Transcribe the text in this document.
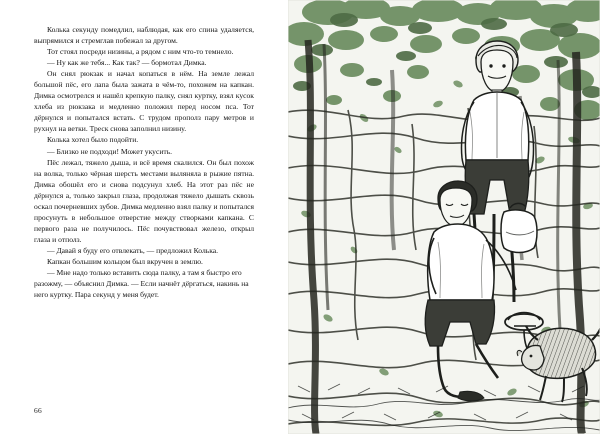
Колька секунду помедлил, наблюдая, как его спина удаляется, выпрямился и стремглав побежал за другом.

Тот стоял посреди низины, а рядом с ним что-то темнело.

— Ну как же тебя... Как так? — бормотал Димка.

Он снял рюкзак и начал копаться в нём. На земле лежал большой пёс, его лапа была зажата в чём-то, похожем на капкан. Димка осмотрелся и нашёл крепкую палку, снял куртку, взял кусок хлеба из рюкзака и медленно положил перед носом пса. Тот дёрнулся и попытался встать. С трудом прополз пару метров и рухнул на ветки. Треск снова заполнил низину.

Колька хотел было подойти.

— Близко не подходи! Может укусить.

Пёс лежал, тяжело дыша, и всё время скалился. Он был похож на волка, только чёрная шерсть местами выляняла в рыжие пятна. Димка обошёл его и снова подсунул хлеб. На этот раз пёс не дёрнулся а, только закрыл глаза, продолжая тяжело дышать сквозь оскал почерневших зубов. Димка медленно взял палку и попытался просунуть в небольшое отверстие между створками капкана. С первого раза не получилось. Пёс почувствовал железо, открыл глаза и отполз.

— Давай я буду его отвлекать, — предложил Колька.

Капкан большим кольцом был вкручен в землю.

— Мне надо только вставить сюда палку, а там я быстро его разожму, — объяснил Димка. — Если начнёт дёргаться, накинь на него куртку. Пара секунд у меня будет.

66
